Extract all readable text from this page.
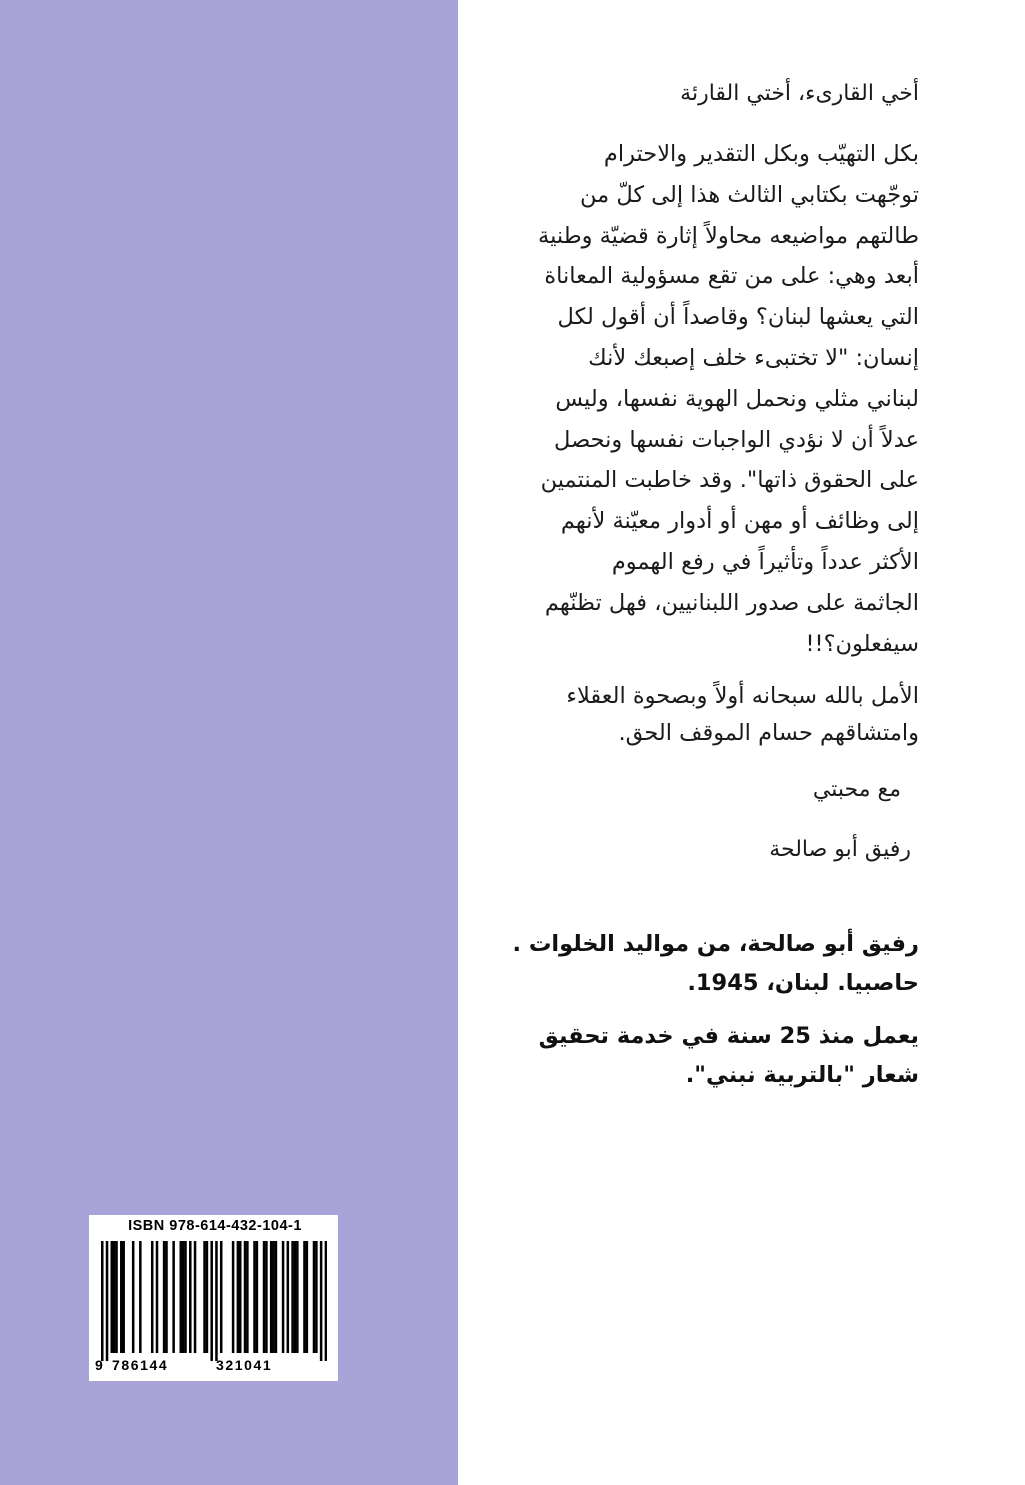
أخي القارىء، أختي القارئة

بكل التهيّب وبكل التقدير والاحترام
توجّهت بكتابي الثالث هذا إلى كلّ من
طالتهم مواضيعه محاولاً إثارة قضيّة وطنية
أبعد وهي: على من تقع مسؤولية المعاناة
التي يعشها لبنان؟ وقاصداً أن أقول لكل
إنسان: "لا تختبىء خلف إصبعك لأنك
لبناني مثلي ونحمل الهوية نفسها، وليس
عدلاً أن لا نؤدي الواجبات نفسها ونحصل
على الحقوق ذاتها". وقد خاطبت المنتمين
إلى وظائف أو مهن أو أدوار معيّنة لأنهم
الأكثر عدداً وتأثيراً في رفع الهموم
الجاثمة على صدور اللبنانيين، فهل تظنّهم
سيفعلون؟!!

الأمل بالله سبحانه أولاً وبصحوة العقلاء
وامتشاقهم حسام الموقف الحق.

مع محبتي

رفيق أبو صالحة

رفيق أبو صالحة، من مواليد الخلوات .
حاصبيا. لبنان، 1945.

يعمل منذ 25 سنة في خدمة تحقيق
شعار "بالتربية نبني".

ISBN 978-614-432-104-1
9 786144	321041
